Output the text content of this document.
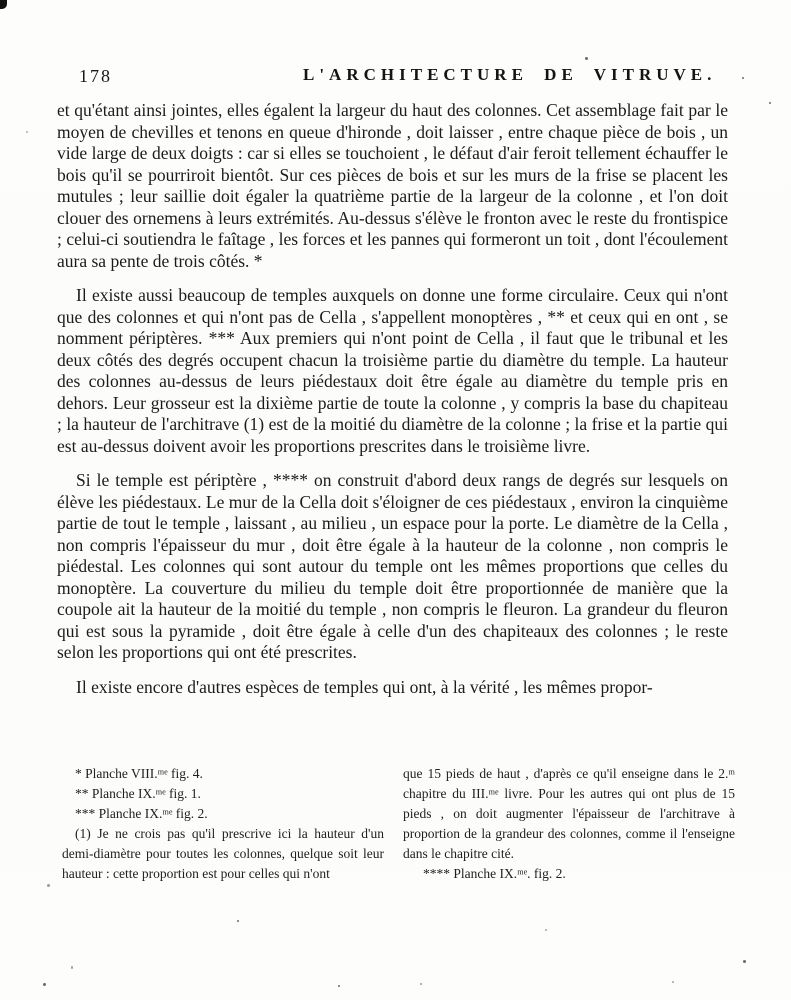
178	L'ARCHITECTURE DE VITRUVE.

et qu'étant ainsi jointes, elles égalent la largeur du haut des colonnes. Cet assemblage fait par le moyen de chevilles et tenons en queue d'hironde , doit laisser , entre chaque pièce de bois , un vide large de deux doigts : car si elles se touchoient , le défaut d'air feroit tellement échauffer le bois qu'il se pourriroit bientôt. Sur ces pièces de bois et sur les murs de la frise se placent les mutules ; leur saillie doit égaler la quatrième partie de la largeur de la colonne , et l'on doit clouer des ornemens à leurs extrémités. Au-dessus s'élève le fronton avec le reste du frontispice ; celui-ci soutiendra le faîtage , les forces et les pannes qui formeront un toit , dont l'écoulement aura sa pente de trois côtés. *

Il existe aussi beaucoup de temples auxquels on donne une forme circulaire. Ceux qui n'ont que des colonnes et qui n'ont pas de Cella , s'appellent monoptères , ** et ceux qui en ont , se nomment périptères. *** Aux premiers qui n'ont point de Cella , il faut que le tribunal et les deux côtés des degrés occupent chacun la troisième partie du diamètre du temple. La hauteur des colonnes au-dessus de leurs piédestaux doit être égale au diamètre du temple pris en dehors. Leur grosseur est la dixième partie de toute la colonne , y compris la base du chapiteau ; la hauteur de l'architrave (1) est de la moitié du diamètre de la colonne ; la frise et la partie qui est au-dessus doivent avoir les proportions prescrites dans le troisième livre.

Si le temple est périptère , **** on construit d'abord deux rangs de degrés sur lesquels on élève les piédestaux. Le mur de la Cella doit s'éloigner de ces piédestaux , environ la cinquième partie de tout le temple , laissant , au milieu , un espace pour la porte. Le diamètre de la Cella , non compris l'épaisseur du mur , doit être égale à la hauteur de la colonne , non compris le piédestal. Les colonnes qui sont autour du temple ont les mêmes proportions que celles du monoptère. La couverture du milieu du temple doit être proportionnée de manière que la coupole ait la hauteur de la moitié du temple , non compris le fleuron. La grandeur du fleuron qui est sous la pyramide , doit être égale à celle d'un des chapiteaux des colonnes ; le reste selon les proportions qui ont été prescrites.

Il existe encore d'autres espèces de temples qui ont, à la vérité , les mêmes propor-

* Planche VIII.ᵐᵉ fig. 4.

** Planche IX.ᵐᵉ fig. 1.

*** Planche IX.ᵐᵉ fig. 2.

(1) Je ne crois pas qu'il prescrive ici la hauteur d'un demi-diamètre pour toutes les colonnes, quelque soit leur hauteur : cette proportion est pour celles qui n'ont

que 15 pieds de haut , d'après ce qu'il enseigne dans le 2.ᵐ chapitre du III.ᵐᵉ livre. Pour les autres qui ont plus de 15 pieds , on doit augmenter l'épaisseur de l'architrave à proportion de la grandeur des colonnes, comme il l'enseigne dans le chapitre cité.

**** Planche IX.ᵐᵉ. fig. 2.
